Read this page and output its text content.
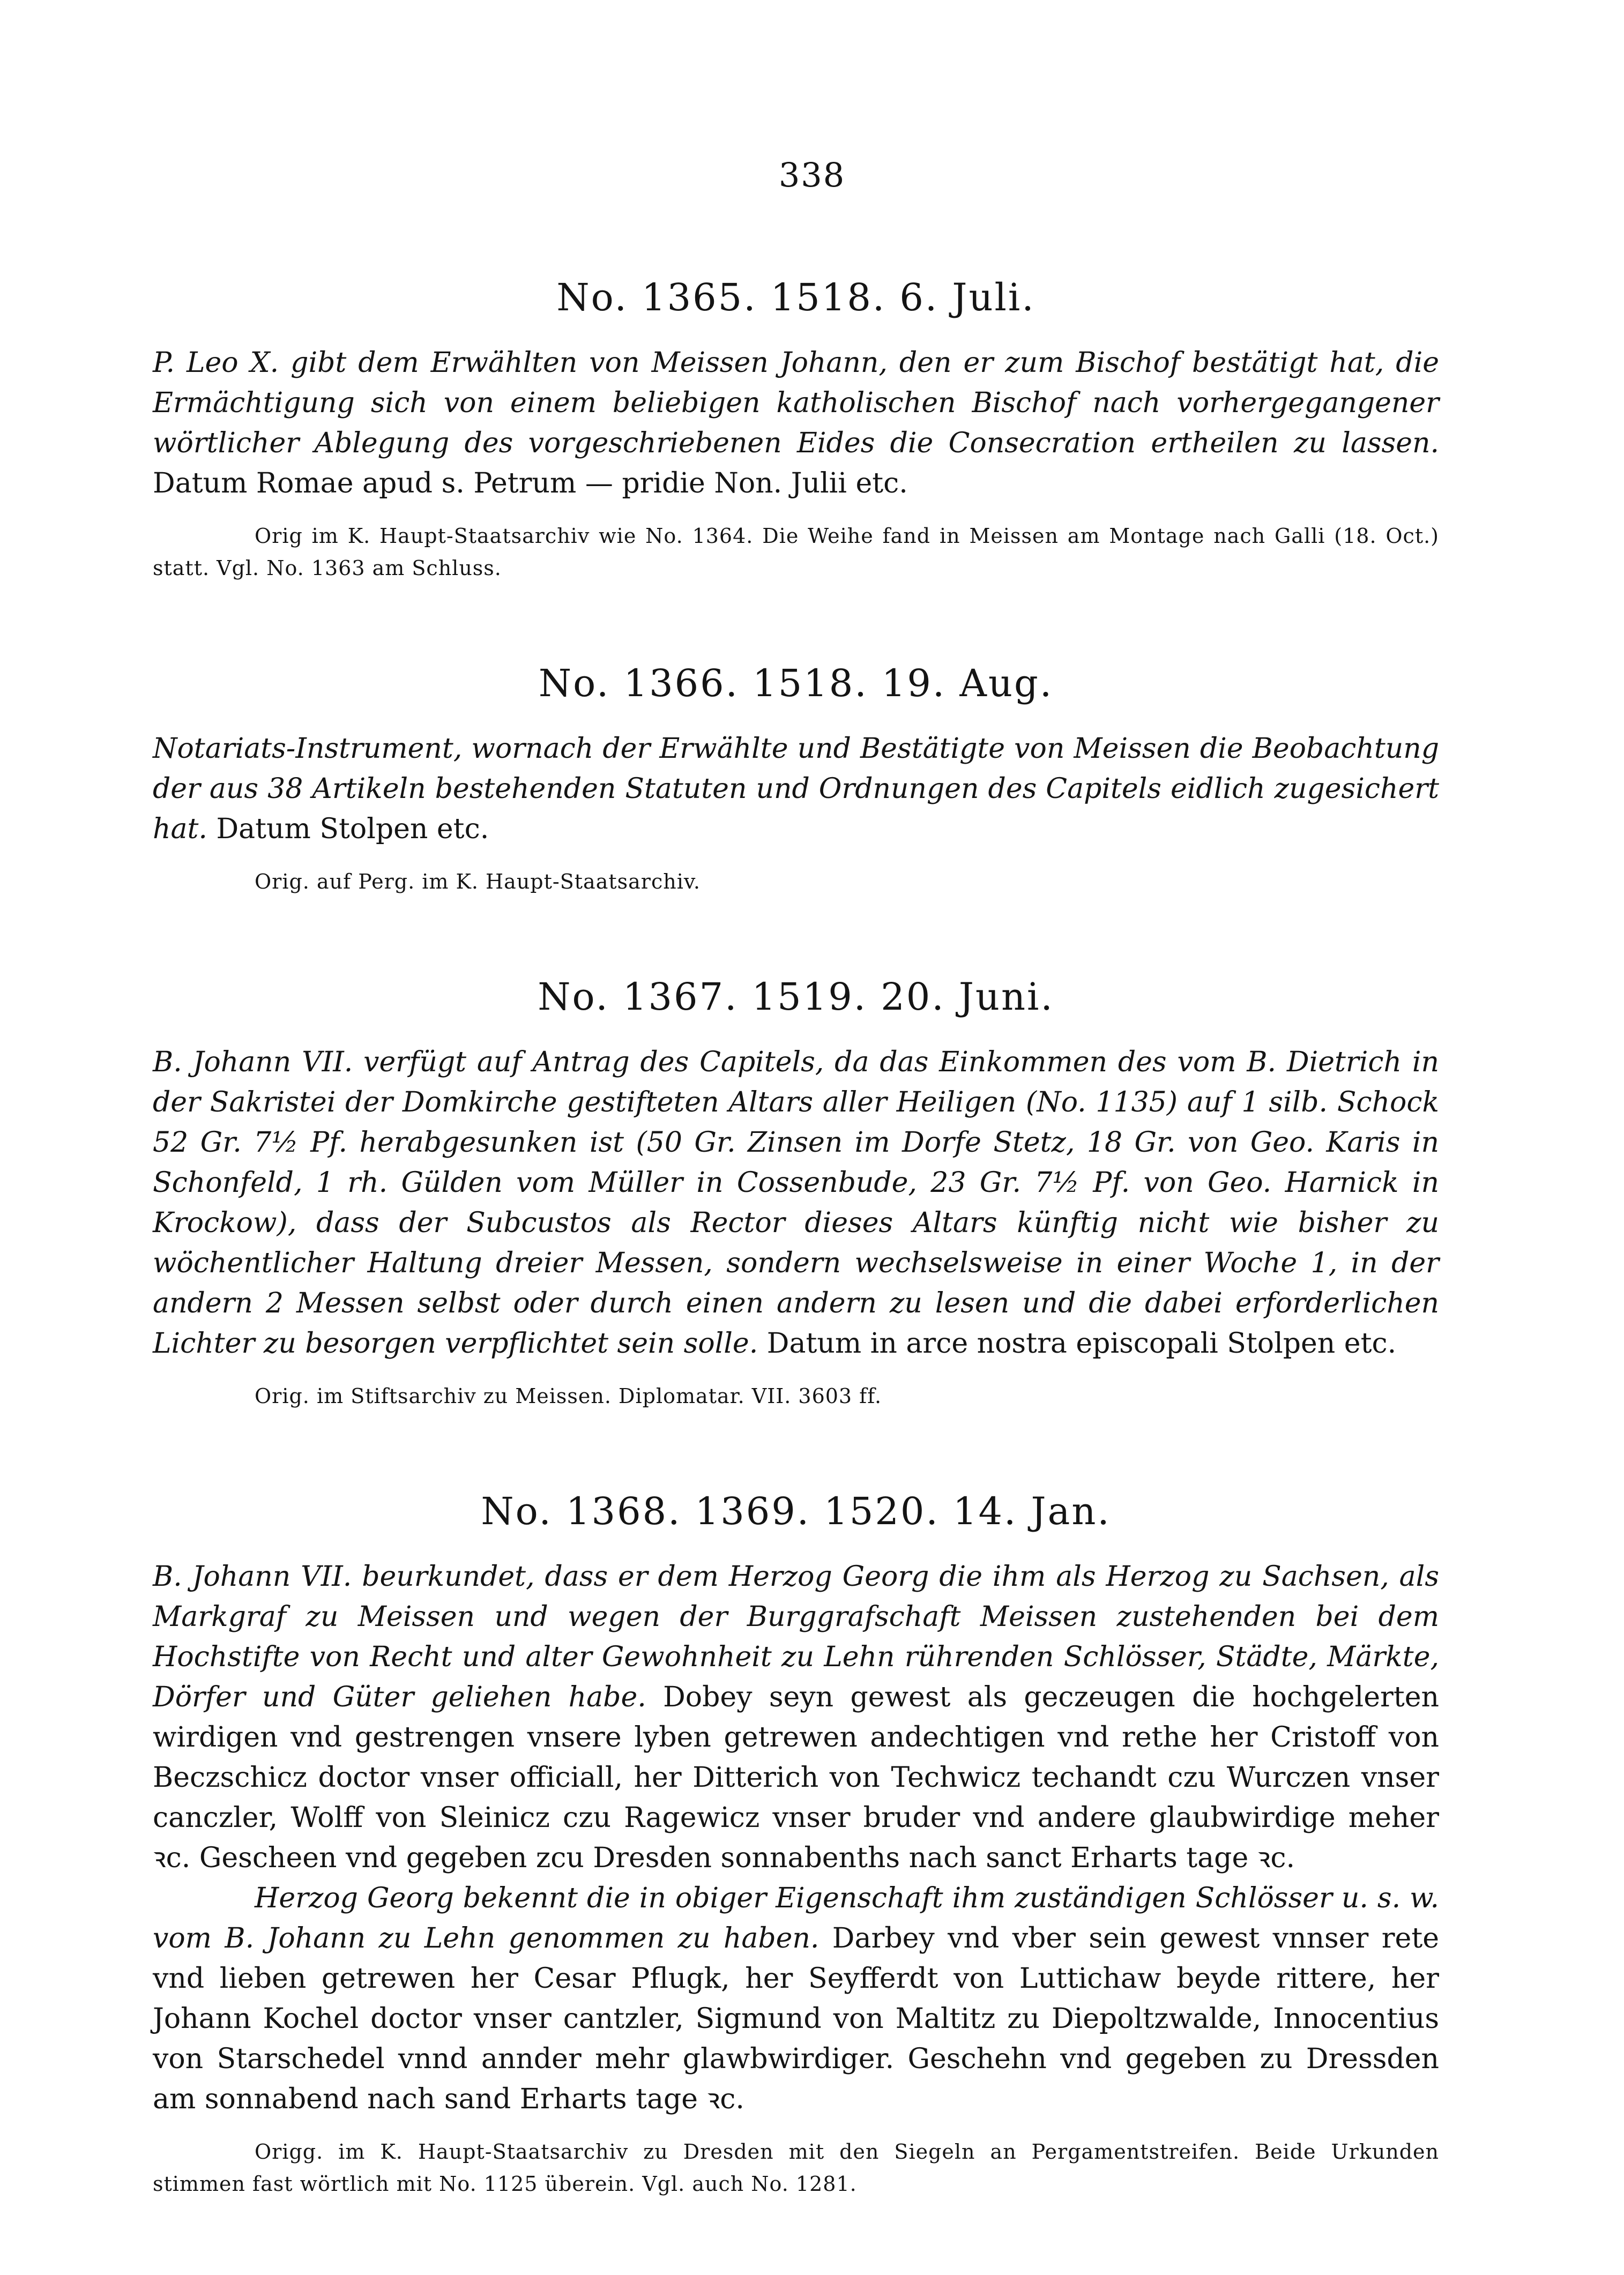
338
No. 1365. 1518. 6. Juli.

P. Leo X. gibt dem Erwählten von Meissen Johann, den er zum Bischof bestätigt hat, die Ermächtigung sich von einem beliebigen katholischen Bischof nach vorhergegangener wörtlicher Ablegung des vorgeschriebenen Eides die Consecration ertheilen zu lassen. Datum Romae apud s. Petrum — pridie Non. Julii etc.

Orig im K. Haupt-Staatsarchiv wie No. 1364. Die Weihe fand in Meissen am Montage nach Galli (18. Oct.) statt. Vgl. No. 1363 am Schluss.

No. 1366. 1518. 19. Aug.

Notariats-Instrument, wornach der Erwählte und Bestätigte von Meissen die Beobachtung der aus 38 Artikeln bestehenden Statuten und Ordnungen des Capitels eidlich zugesichert hat. Datum Stolpen etc.

Orig. auf Perg. im K. Haupt-Staatsarchiv.

No. 1367. 1519. 20. Juni.

B. Johann VII. verfügt auf Antrag des Capitels, da das Einkommen des vom B. Dietrich in der Sakristei der Domkirche gestifteten Altars aller Heiligen (No. 1135) auf 1 silb. Schock 52 Gr. 7½ Pf. herabgesunken ist (50 Gr. Zinsen im Dorfe Stetz, 18 Gr. von Geo. Karis in Schonfeld, 1 rh. Gülden vom Müller in Cossenbude, 23 Gr. 7½ Pf. von Geo. Harnick in Krockow), dass der Subcustos als Rector dieses Altars künftig nicht wie bisher zu wöchentlicher Haltung dreier Messen, sondern wechselsweise in einer Woche 1, in der andern 2 Messen selbst oder durch einen andern zu lesen und die dabei erforderlichen Lichter zu besorgen verpflichtet sein solle. Datum in arce nostra episcopali Stolpen etc.

Orig. im Stiftsarchiv zu Meissen. Diplomatar. VII. 3603 ff.

No. 1368. 1369. 1520. 14. Jan.

B. Johann VII. beurkundet, dass er dem Herzog Georg die ihm als Herzog zu Sachsen, als Markgraf zu Meissen und wegen der Burggrafschaft Meissen zustehenden bei dem Hochstifte von Recht und alter Gewohnheit zu Lehn rührenden Schlösser, Städte, Märkte, Dörfer und Güter geliehen habe. Dobey seyn gewest als geczeugen die hochgelerten wirdigen vnd gestrengen vnsere lyben getrewen andechtigen vnd rethe her Cristoff von Beczschicz doctor vnser officiall, her Ditterich von Techwicz techandt czu Wurczen vnser canczler, Wolff von Sleinicz czu Ragewicz vnser bruder vnd andere glaubwirdige meher ꝛc. Gescheen vnd gegeben zcu Dresden sonnabenths nach sanct Erharts tage ꝛc.

Herzog Georg bekennt die in obiger Eigenschaft ihm zuständigen Schlösser u. s. w. vom B. Johann zu Lehn genommen zu haben. Darbey vnd vber sein gewest vnnser rete vnd lieben getrewen her Cesar Pflugk, her Seyfferdt von Luttichaw beyde rittere, her Johann Kochel doctor vnser cantzler, Sigmund von Maltitz zu Diepoltzwalde, Innocentius von Starschedel vnnd annder mehr glawbwirdiger. Geschehn vnd gegeben zu Dressden am sonnabend nach sand Erharts tage ꝛc.

Origg. im K. Haupt-Staatsarchiv zu Dresden mit den Siegeln an Pergamentstreifen. Beide Urkunden stimmen fast wörtlich mit No. 1125 überein. Vgl. auch No. 1281.
